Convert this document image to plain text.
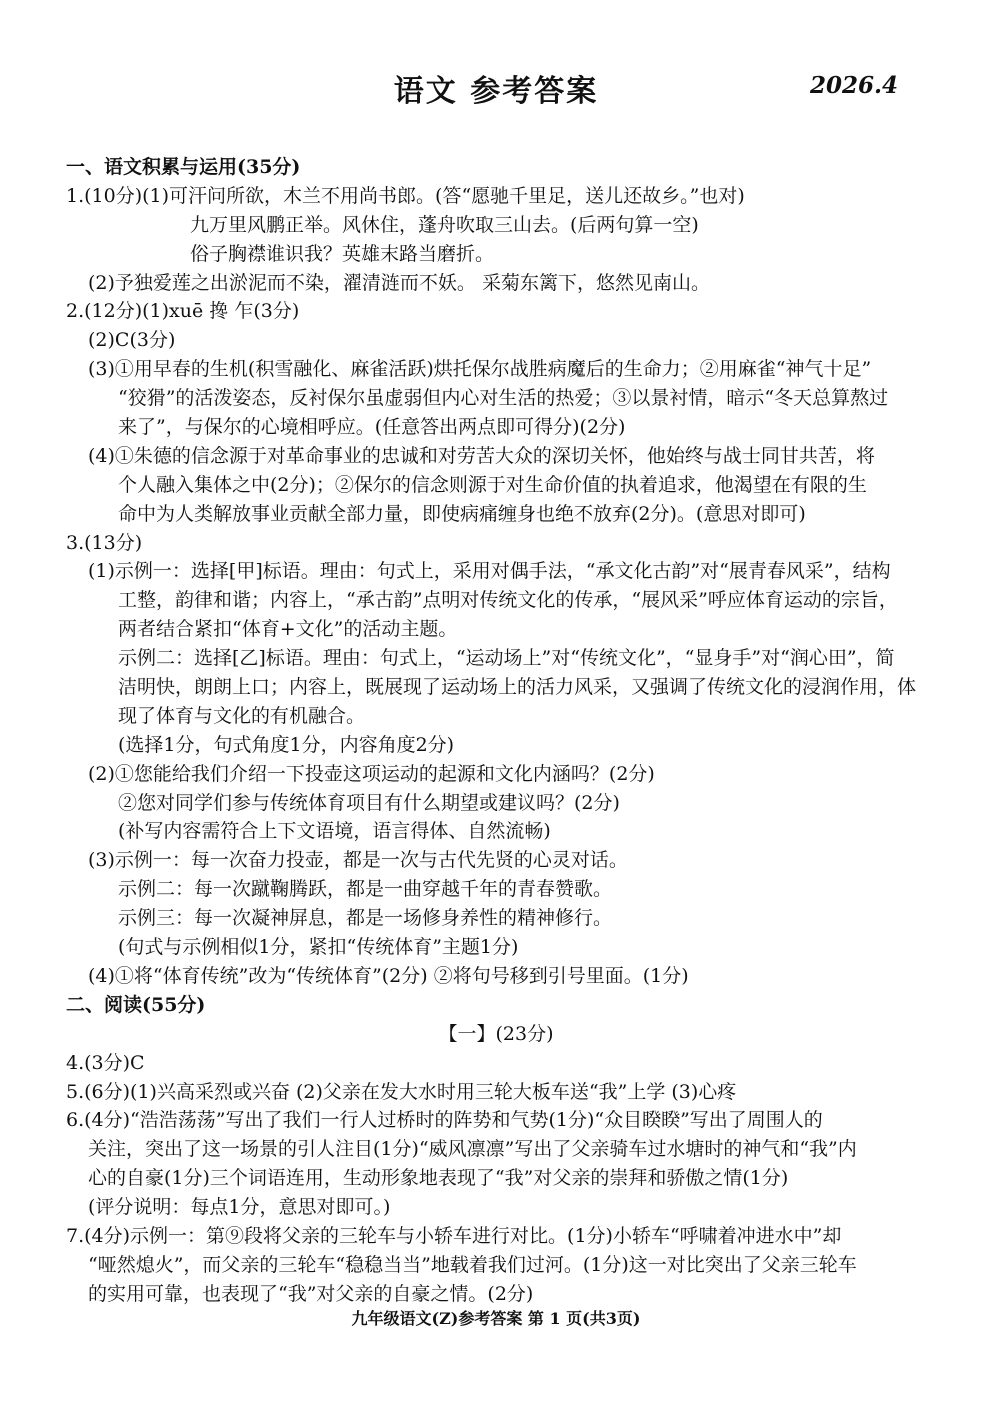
语文 参考答案	2026.4
一、语文积累与运用(35分)
1.(10分)(1)可汗问所欲，木兰不用尚书郎。(答“愿驰千里足，送儿还故乡。”也对)
九万里风鹏正举。风休住，蓬舟吹取三山去。(后两句算一空)
俗子胸襟谁识我？英雄末路当磨折。
(2)予独爱莲之出淤泥而不染，濯清涟而不妖。 采菊东篱下，悠然见南山。
2.(12分)(1)xuē 搀 乍(3分)
(2)C(3分)
(3)①用早春的生机(积雪融化、麻雀活跃)烘托保尔战胜病魔后的生命力；②用麻雀“神气十足”
“狡猾”的活泼姿态，反衬保尔虽虚弱但内心对生活的热爱；③以景衬情，暗示“冬天总算熬过
来了”，与保尔的心境相呼应。(任意答出两点即可得分)(2分)
(4)①朱德的信念源于对革命事业的忠诚和对劳苦大众的深切关怀，他始终与战士同甘共苦，将
个人融入集体之中(2分)；②保尔的信念则源于对生命价值的执着追求，他渴望在有限的生
命中为人类解放事业贡献全部力量，即使病痛缠身也绝不放弃(2分)。(意思对即可)
3.(13分)
(1)示例一：选择[甲]标语。理由：句式上，采用对偶手法，“承文化古韵”对“展青春风采”，结构
工整，韵律和谐；内容上，“承古韵”点明对传统文化的传承，“展风采”呼应体育运动的宗旨，
两者结合紧扣“体育+文化”的活动主题。
示例二：选择[乙]标语。理由：句式上，“运动场上”对“传统文化”，“显身手”对“润心田”，简
洁明快，朗朗上口；内容上，既展现了运动场上的活力风采，又强调了传统文化的浸润作用，体
现了体育与文化的有机融合。
(选择1分，句式角度1分，内容角度2分)
(2)①您能给我们介绍一下投壶这项运动的起源和文化内涵吗？(2分)
②您对同学们参与传统体育项目有什么期望或建议吗？(2分)
(补写内容需符合上下文语境，语言得体、自然流畅)
(3)示例一：每一次奋力投壶，都是一次与古代先贤的心灵对话。
示例二：每一次蹴鞠腾跃，都是一曲穿越千年的青春赞歌。
示例三：每一次凝神屏息，都是一场修身养性的精神修行。
(句式与示例相似1分，紧扣“传统体育”主题1分)
(4)①将“体育传统”改为“传统体育”(2分) ②将句号移到引号里面。(1分)
二、阅读(55分)
【一】(23分)
4.(3分)C
5.(6分)(1)兴高采烈或兴奋 (2)父亲在发大水时用三轮大板车送“我”上学 (3)心疼
6.(4分)“浩浩荡荡”写出了我们一行人过桥时的阵势和气势(1分)“众目睽睽”写出了周围人的
关注，突出了这一场景的引人注目(1分)“威风凛凛”写出了父亲骑车过水塘时的神气和“我”内
心的自豪(1分)三个词语连用，生动形象地表现了“我”对父亲的崇拜和骄傲之情(1分)
(评分说明：每点1分，意思对即可。)
7.(4分)示例一：第⑨段将父亲的三轮车与小轿车进行对比。(1分)小轿车“呼啸着冲进水中”却
“哑然熄火”，而父亲的三轮车“稳稳当当”地载着我们过河。(1分)这一对比突出了父亲三轮车
的实用可靠，也表现了“我”对父亲的自豪之情。(2分)
九年级语文(Z)参考答案 第 1 页(共3页)
